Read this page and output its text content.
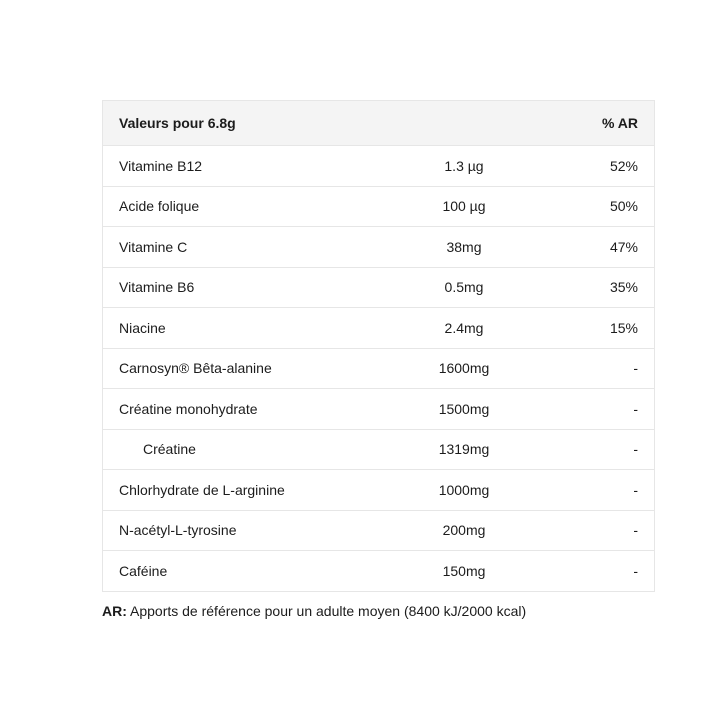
Valeurs pour 6.8g		% AR
Vitamine B12	1.3 µg	52%
Acide folique	100 µg	50%
Vitamine C	38mg	47%
Vitamine B6	0.5mg	35%
Niacine	2.4mg	15%
Carnosyn® Bêta-alanine	1600mg	-
Créatine monohydrate	1500mg	-
Créatine	1319mg	-
Chlorhydrate de L-arginine	1000mg	-
N-acétyl-L-tyrosine	200mg	-
Caféine	150mg	-
AR: Apports de référence pour un adulte moyen (8400 kJ/2000 kcal)
